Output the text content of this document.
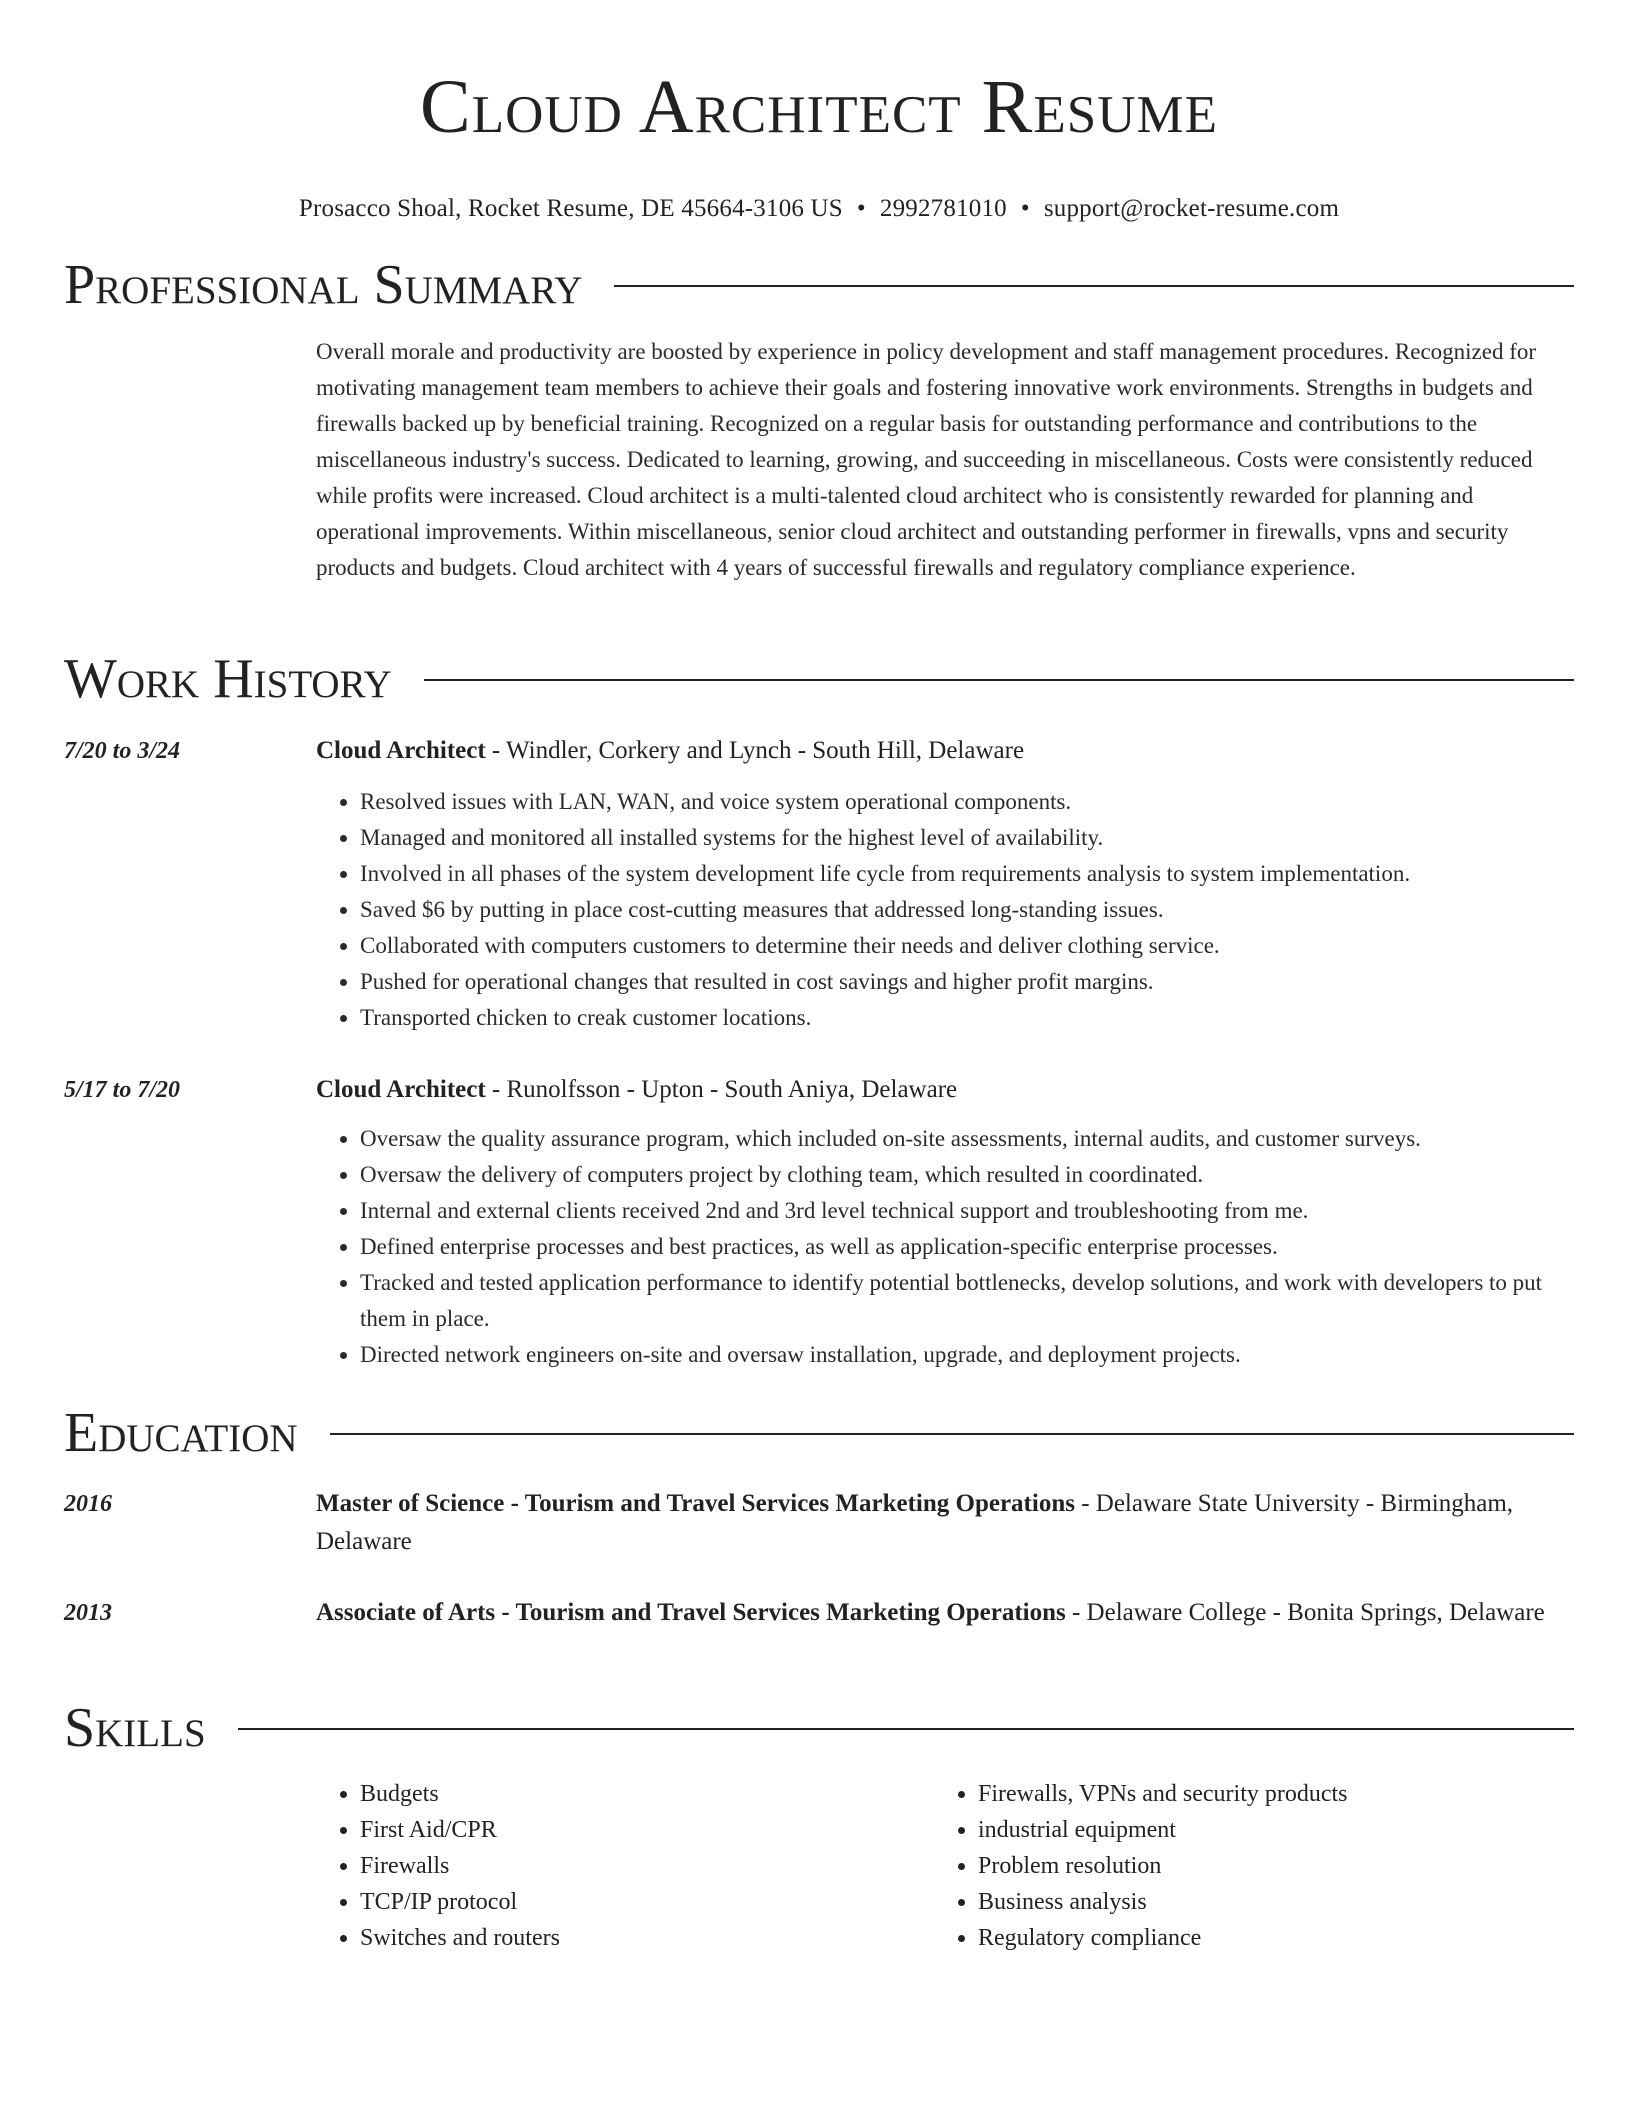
Cloud Architect Resume
Prosacco Shoal, Rocket Resume, DE 45664-3106 US • 2992781010 • support@rocket-resume.com
Professional Summary
Overall morale and productivity are boosted by experience in policy development and staff management procedures. Recognized for motivating management team members to achieve their goals and fostering innovative work environments. Strengths in budgets and firewalls backed up by beneficial training. Recognized on a regular basis for outstanding performance and contributions to the miscellaneous industry's success. Dedicated to learning, growing, and succeeding in miscellaneous. Costs were consistently reduced while profits were increased. Cloud architect is a multi-talented cloud architect who is consistently rewarded for planning and operational improvements. Within miscellaneous, senior cloud architect and outstanding performer in firewalls, vpns and security products and budgets. Cloud architect with 4 years of successful firewalls and regulatory compliance experience.
Work History
7/20 to 3/24	Cloud Architect - Windler, Corkery and Lynch - South Hill, Delaware
• Resolved issues with LAN, WAN, and voice system operational components.
• Managed and monitored all installed systems for the highest level of availability.
• Involved in all phases of the system development life cycle from requirements analysis to system implementation.
• Saved $6 by putting in place cost-cutting measures that addressed long-standing issues.
• Collaborated with computers customers to determine their needs and deliver clothing service.
• Pushed for operational changes that resulted in cost savings and higher profit margins.
• Transported chicken to creak customer locations.
5/17 to 7/20	Cloud Architect - Runolfsson - Upton - South Aniya, Delaware
• Oversaw the quality assurance program, which included on-site assessments, internal audits, and customer surveys.
• Oversaw the delivery of computers project by clothing team, which resulted in coordinated.
• Internal and external clients received 2nd and 3rd level technical support and troubleshooting from me.
• Defined enterprise processes and best practices, as well as application-specific enterprise processes.
• Tracked and tested application performance to identify potential bottlenecks, develop solutions, and work with developers to put them in place.
• Directed network engineers on-site and oversaw installation, upgrade, and deployment projects.
Education
2016	Master of Science - Tourism and Travel Services Marketing Operations - Delaware State University - Birmingham, Delaware
2013	Associate of Arts - Tourism and Travel Services Marketing Operations - Delaware College - Bonita Springs, Delaware
Skills
• Budgets
• First Aid/CPR
• Firewalls
• TCP/IP protocol
• Switches and routers
• Firewalls, VPNs and security products
• industrial equipment
• Problem resolution
• Business analysis
• Regulatory compliance
